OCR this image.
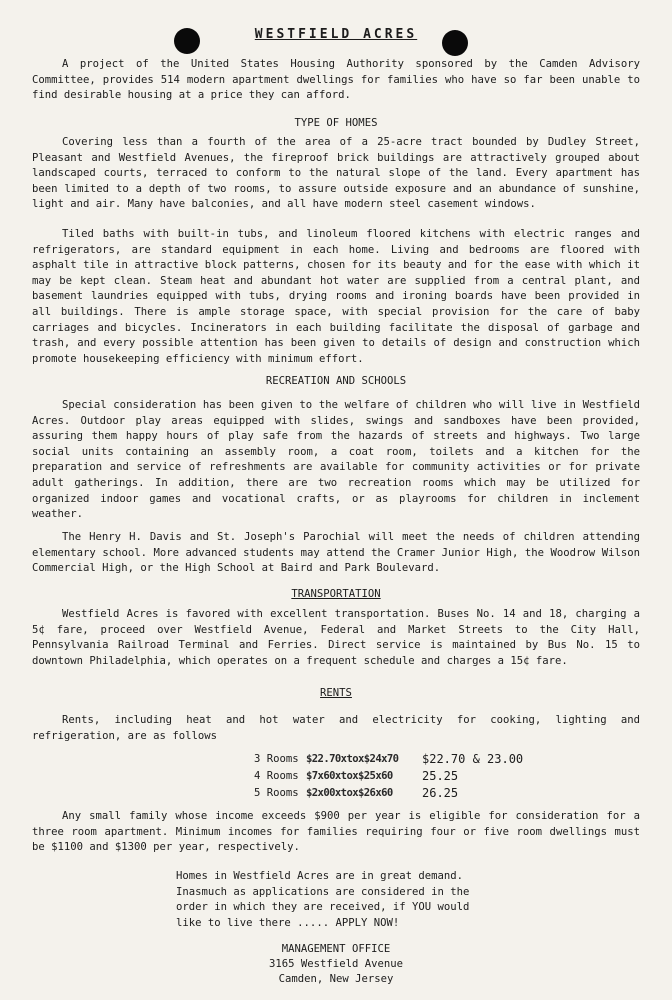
WESTFIELD ACRES

A project of the United States Housing Authority sponsored by the Camden Advisory Committee, provides 514 modern apartment dwellings for families who have so far been unable to find desirable housing at a price they can afford.

TYPE OF HOMES

Covering less than a fourth of the area of a 25-acre tract bounded by Dudley Street, Pleasant and Westfield Avenues, the fireproof brick buildings are attractively grouped about landscaped courts, terraced to conform to the natural slope of the land. Every apartment has been limited to a depth of two rooms, to assure outside exposure and an abundance of sunshine, light and air. Many have balconies, and all have modern steel casement windows.

Tiled baths with built-in tubs, and linoleum floored kitchens with electric ranges and refrigerators, are standard equipment in each home. Living and bedrooms are floored with asphalt tile in attractive block patterns, chosen for its beauty and for the ease with which it may be kept clean. Steam heat and abundant hot water are supplied from a central plant, and basement laundries equipped with tubs, drying rooms and ironing boards have been provided in all buildings. There is ample storage space, with special provision for the care of baby carriages and bicycles. Incinerators in each building facilitate the disposal of garbage and trash, and every possible attention has been given to details of design and construction which promote housekeeping efficiency with minimum effort.

RECREATION AND SCHOOLS

Special consideration has been given to the welfare of children who will live in Westfield Acres. Outdoor play areas equipped with slides, swings and sandboxes have been provided, assuring them happy hours of play safe from the hazards of streets and highways. Two large social units containing an assembly room, a coat room, toilets and a kitchen for the preparation and service of refreshments are available for community activities or for private adult gatherings. In addition, there are two recreation rooms which may be utilized for organized indoor games and vocational crafts, or as playrooms for children in inclement weather.

The Henry H. Davis and St. Joseph's Parochial will meet the needs of children attending elementary school. More advanced students may attend the Cramer Junior High, the Woodrow Wilson Commercial High, or the High School at Baird and Park Boulevard.

TRANSPORTATION

Westfield Acres is favored with excellent transportation. Buses No. 14 and 18, charging a 5¢ fare, proceed over Westfield Avenue, Federal and Market Streets to the City Hall, Pennsylvania Railroad Terminal and Ferries. Direct service is maintained by Bus No. 15 to downtown Philadelphia, which operates on a frequent schedule and charges a 15¢ fare.

RENTS

Rents, including heat and hot water and electricity for cooking, lighting and refrigeration, are as follows

3 Rooms $22.70xtox$24x70	$22.70 & 23.00
4 Rooms $7x60xtox$25x60	25.25
5 Rooms $2x00xtox$26x60	26.25

Any small family whose income exceeds $900 per year is eligible for consideration for a three room apartment. Minimum incomes for families requiring four or five room dwellings must be $1100 and $1300 per year, respectively.

Homes in Westfield Acres are in great demand.
Inasmuch as applications are considered in the
order in which they are received, if YOU would
like to live there ..... APPLY NOW!
MANAGEMENT OFFICE
3165 Westfield Avenue
Camden, New Jersey
